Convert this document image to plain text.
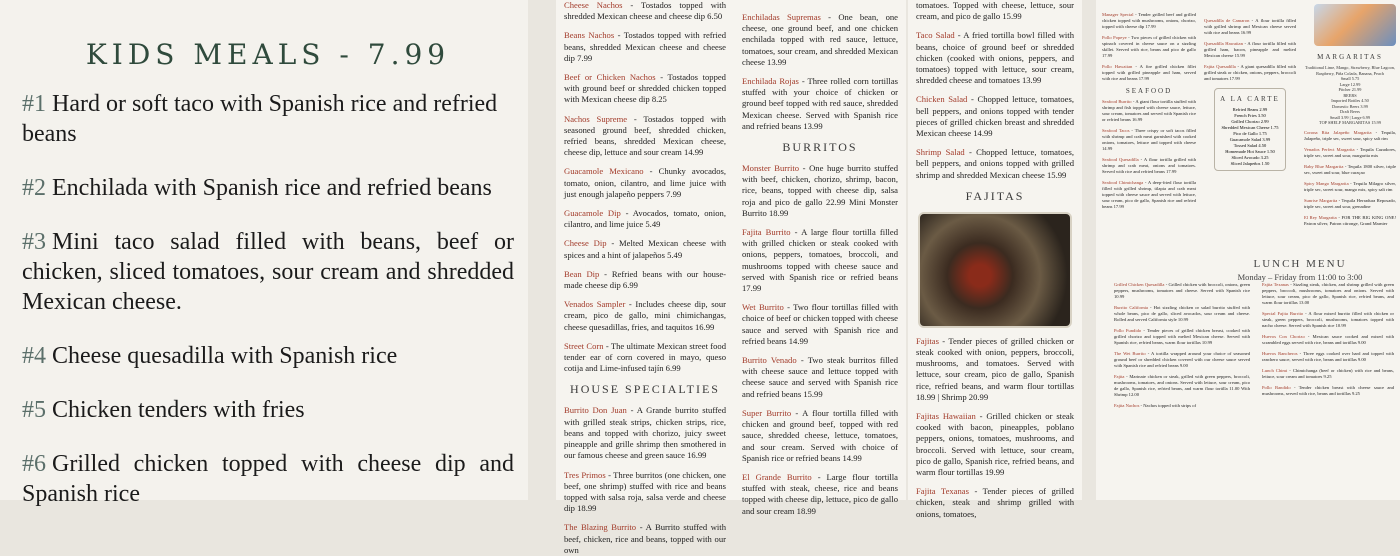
KIDS MEALS - 7.99
#1 Hard or soft taco with Spanish rice and refried beans
#2 Enchilada with Spanish rice and refried beans
#3 Mini taco salad filled with beans, beef or chicken, sliced tomatoes, sour cream and shredded Mexican cheese.
#4 Cheese quesadilla with Spanish rice
#5 Chicken tenders with fries
#6 Grilled chicken topped with cheese dip and Spanish rice

Cheese Nachos - Tostados topped with shredded Mexican cheese and cheese dip 6.50

Beans Nachos - Tostados topped with refried beans, shredded Mexican cheese and cheese dip 7.99

Beef or Chicken Nachos - Tostados topped with ground beef or shredded chicken topped with Mexican cheese dip 8.25

Nachos Supreme - Tostados topped with seasoned ground beef, shredded chicken, refried beans, shredded Mexican cheese, cheese dip, lettuce and sour cream 14.99

Guacamole Mexicano - Chunky avocados, tomato, onion, cilantro, and lime juice with just enough jalapeño peppers 7.99

Guacamole Dip - Avocados, tomato, onion, cilantro, and lime juice 5.49

Cheese Dip - Melted Mexican cheese with spices and a hint of jalapeños 5.49

Bean Dip - Refried beans with our house-made cheese dip 6.99

Venados Sampler - Includes cheese dip, sour cream, pico de gallo, mini chimichangas, cheese quesadillas, fries, and taquitos 16.99

Street Corn - The ultimate Mexican street food tender ear of corn covered in mayo, queso cotija and Lime-infused tajín 6.99

HOUSE SPECIALTIES

Burrito Don Juan - A Grande burrito stuffed with grilled steak strips, chicken strips, rice, beans and topped with chorizo, juicy sweet pineapple and grille shrimp then smothered in our famous cheese and green sauce 16.99

Tres Primos - Three burritos (one chicken, one beef, one shrimp) stuffed with rice and beans topped with salsa roja, salsa verde and cheese dip 18.99

The Blazing Burrito - A Burrito stuffed with beef, chicken, rice and beans, topped with our own

Enchiladas Supremas - One bean, one cheese, one ground beef, and one chicken enchilada topped with red sauce, lettuce, tomatoes, sour cream, and shredded Mexican cheese 13.99

Enchilada Rojas - Three rolled corn tortillas stuffed with your choice of chicken or ground beef topped with red sauce, shredded Mexican cheese. Served with Spanish rice and refried beans 13.99

BURRITOS

Monster Burrito - One huge burrito stuffed with beef, chicken, chorizo, shrimp, bacon, rice, beans, topped with cheese dip, salsa roja and pico de gallo 22.99 Mini Monster Burrito 18.99

Fajita Burrito - A large flour tortilla filled with grilled chicken or steak cooked with onions, peppers, tomatoes, broccoli, and mushrooms topped with cheese sauce and served with Spanish rice or refried beans 17.99

Wet Burrito - Two flour tortillas filled with choice of beef or chicken topped with cheese sauce and served with Spanish rice and refried beans 14.99

Burrito Venado - Two steak burritos filled with cheese sauce and lettuce topped with cheese sauce and served with Spanish rice and refried beans 15.99

Super Burrito - A flour tortilla filled with chicken and ground beef, topped with red sauce, shredded cheese, lettuce, tomatoes, and sour cream. Served with choice of Spanish rice or refried beans 14.99

El Grande Burrito - Large flour tortilla stuffed with steak, cheese, rice and beans topped with cheese dip, lettuce, pico de gallo and sour cream 18.99

tomatoes. Topped with cheese, lettuce, sour cream, and pico de gallo 15.99

Taco Salad - A fried tortilla bowl filled with beans, choice of ground beef or shredded chicken (cooked with onions, peppers, and tomatoes) topped with lettuce, sour cream, shredded cheese and tomatoes 13.99

Chicken Salad - Chopped lettuce, tomatoes, bell peppers, and onions topped with tender pieces of grilled chicken breast and shredded Mexican cheese 14.99

Shrimp Salad - Chopped lettuce, tomatoes, bell peppers, and onions topped with grilled shrimp and shredded Mexican cheese 15.99

FAJITAS

Fajitas - Tender pieces of grilled chicken or steak cooked with onion, peppers, broccoli, mushrooms, and tomatoes. Served with lettuce, sour cream, pico de gallo, Spanish rice, refried beans, and warm flour tortillas 18.99 | Shrimp 20.99

Fajitas Hawaiian - Grilled chicken or steak cooked with bacon, pineapples, poblano peppers, onions, tomatoes, mushrooms, and broccoli. Served with lettuce, sour cream, pico de gallo, Spanish rice, refried beans, and warm flour tortillas 19.99

Fajita Texanas - Tender pieces of grilled chicken, steak and shrimp grilled with onions, tomatoes,

Manager Special - Tender grilled beef and grilled chicken topped with mushrooms, onions, chorizo, topped with cheese dip 17.99

Pollo Popeye - Two pieces of grilled chicken with spinach covered in cheese sauce on a sizzling skillet. Served with rice, beans and pico de gallo 17.99

Pollo Hawaiian - A fire grilled chicken fillet topped with grilled pineapple and ham, served with rice and beans 17.99

SEAFOOD

Seafood Burrito - A giant flour tortilla stuffed with shrimp and fish topped with cheese sauce, lettuce, sour cream, tomatoes and served with Spanish rice or refried beans 16.99

Seafood Tacos - Three crispy or soft tacos filled with shrimp and crab meat garnished with cooked onions, tomatoes, lettuce and topped with cheese 14.99

Seafood Quesadilla - A flour tortilla grilled with shrimp and crab meat, onions and tomatoes. Served with rice and refried beans 17.99

Seafood Chimichanga - A deep-fried flour tortilla filled with grilled shrimp, tilapia and crab meat topped with cheese sauce and served with lettuce, sour cream, pico de gallo, Spanish rice and refried beans 17.99

Quesadilla de Camaron - A flour tortilla filled with grilled shrimp and Mexican cheese served with rice and beans 16.99

Quesadilla Hawaiian - A flour tortilla filled with grilled ham, bacon, pineapple and melted Mexican cheese 15.99

Fajita Quesadilla - A giant quesadilla filled with grilled steak or chicken, onions, peppers, broccoli and tomatoes 17.99

A LA CARTE
Refried Beans 2.99
French Fries 3.50
Grilled Chorizo 2.99
Shredded Mexican Cheese 1.75
Pico de Gallo 1.75
Guacamole Salad 3.99
Tossed Salad 4.50
Homemade Hot Sauce 1.50
Sliced Avocado 3.25
Sliced Jalapeños 1.50
MARGARITAS
Traditional Lime, Mango, Strawberry, Blue Lagoon,
Raspberry, Piña Colada, Banana, Peach
Small 5.75
Large 12.99
Pitcher 21.99
BEERS
Imported Bottles 4.50
Domestic Beers 3.99
Draft Beers
Small 3.99 | Large 6.99
TOP SHELF MARGARITAS 15.99

Corona Rita Jalapeño Margarita - Tequila, Jalapeño, triple sec, sweet sour, spicy salt rim

Venados Perfect Margarita - Tequila Cazadores, triple sec, sweet and sour, margarita mix

Baby Blue Margarita - Tequila 1800 silver, triple sec, sweet and sour, blue curaçao

Spicy Mango Margarita - Tequila Milagro silver, triple sec, sweet sour, mango mix, spicy salt rim

Sunrise Margarita - Tequila Herradura Reposado, triple sec, sweet and sour, grenadine

El Rey Margarita - FOR THE BIG KING ONE! Patron silver, Patron citronge, Grand Marnier

LUNCH MENU
Monday – Friday from 11:00 to 3:00

Grilled Chicken Quesadilla - Grilled chicken with broccoli, onions, green peppers, mushrooms, tomatoes and cheese. Served with Spanish rice 10.99

Burrito California - Hot sizzling chicken or salad burrito stuffed with whole beans, pico de gallo, sliced avocados, sour cream and cheese. Rolled and served California style 10.99

Pollo Fundido - Tender pieces of grilled chicken breast, cooked with grilled chorizo and topped with melted Mexican cheese. Served with Spanish rice, refried beans, warm flour tortillas 10.99

The Wet Burrito - A tortilla wrapped around your choice of seasoned ground beef or shredded chicken covered with our cheese sauce served with Spanish rice and refried beans 9.00

Fajita - Marinate chicken or steak, grilled with green peppers, broccoli, mushrooms, tomatoes, and onions. Served with lettuce, sour cream, pico de gallo, Spanish rice, refried beans, and warm flour tortilla 11.00 With Shrimp 12.00

Fajita Nachos - Nachos topped with strips of

Fajita Texanas - Sizzling steak, chicken, and shrimp grilled with green peppers, broccoli, mushrooms, tomatoes and onions. Served with lettuce, sour cream, pico de gallo, Spanish rice, refried beans, and warm flour tortillas 13.00

Special Fajita Burrito - A flour mixed burrito filled with chicken or steak, green peppers, broccoli, mushrooms, tomatoes topped with nacho cheese. Served with Spanish rice 10.99

Huevos Con Chorizo - Mexican sauce cooked and mixed with scrambled eggs served with rice, beans and tortillas 9.00

Huevos Rancheros - Three eggs cooked over hard and topped with ranchero sauce, served with rice, beans and tortillas 9.00

Lunch Chimi - Chimichanga (beef or chicken) with rice and beans, lettuce, sour cream and tomatoes 9.25

Pollo Bandido - Tender chicken breast with cheese sauce and mushrooms, served with rice, beans and tortillas 9.25
